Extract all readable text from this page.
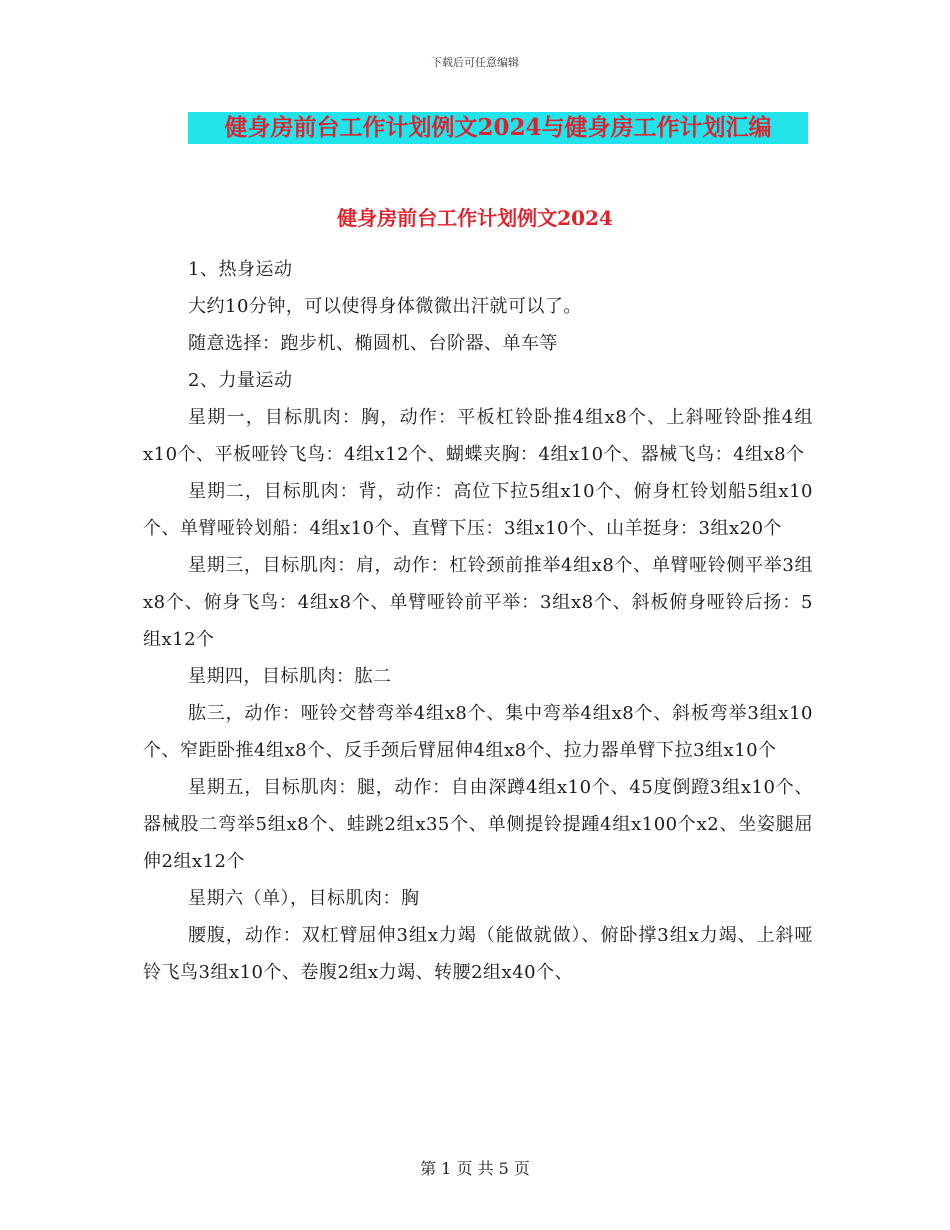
下载后可任意编辑
健身房前台工作计划例文2024与健身房工作计划汇编
健身房前台工作计划例文2024

1、热身运动

大约10分钟，可以使得身体微微出汗就可以了。

随意选择：跑步机、椭圆机、台阶器、单车等

2、力量运动

星期一，目标肌肉：胸，动作：平板杠铃卧推4组x8个、上斜哑铃卧推4组x10个、平板哑铃飞鸟：4组x12个、蝴蝶夹胸：4组x10个、器械飞鸟：4组x8个

星期二，目标肌肉：背，动作：高位下拉5组x10个、俯身杠铃划船5组x10个、单臂哑铃划船：4组x10个、直臂下压：3组x10个、山羊挺身：3组x20个

星期三，目标肌肉：肩，动作：杠铃颈前推举4组x8个、单臂哑铃侧平举3组x8个、俯身飞鸟：4组x8个、单臂哑铃前平举：3组x8个、斜板俯身哑铃后扬：5组x12个

星期四，目标肌肉：肱二

肱三，动作：哑铃交替弯举4组x8个、集中弯举4组x8个、斜板弯举3组x10个、窄距卧推4组x8个、反手颈后臂屈伸4组x8个、拉力器单臂下拉3组x10个

星期五，目标肌肉：腿，动作：自由深蹲4组x10个、45度倒蹬3组x10个、器械股二弯举5组x8个、蛙跳2组x35个、单侧提铃提踵4组x100个x2、坐姿腿屈伸2组x12个

星期六（单），目标肌肉：胸

腰腹，动作：双杠臂屈伸3组x力竭（能做就做）、俯卧撑3组x力竭、上斜哑铃飞鸟3组x10个、卷腹2组x力竭、转腰2组x40个、

第 1 页 共 5 页
